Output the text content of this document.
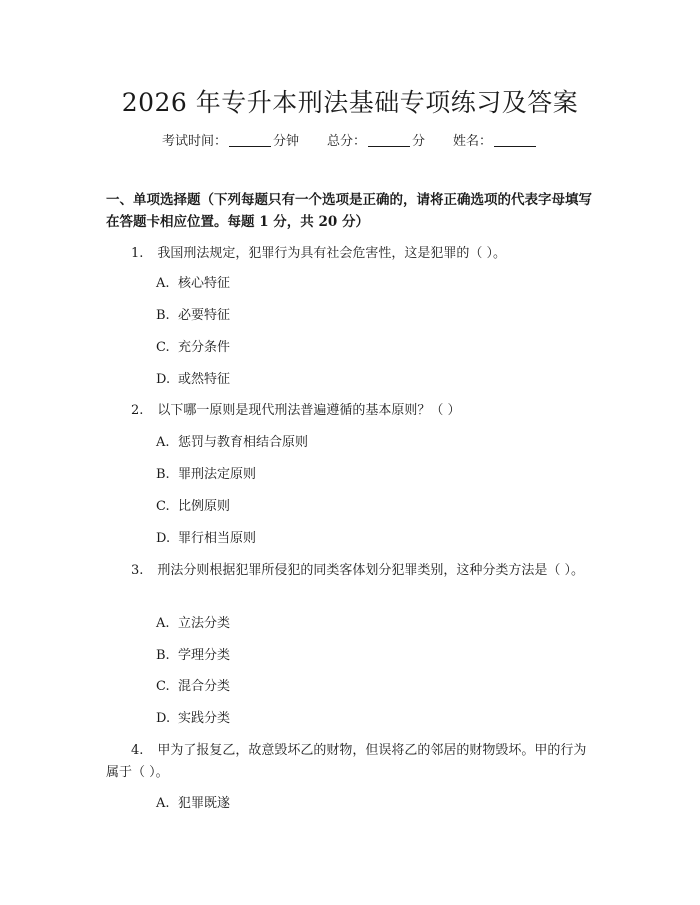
2026 年专升本刑法基础专项练习及答案
考试时间：	分钟 总分：	分 姓名：
一、单项选择题（下列每题只有一个选项是正确的，请将正确选项的代表字母填写在答题卡相应位置。每题 1 分，共 20 分）
1. 我国刑法规定，犯罪行为具有社会危害性，这是犯罪的（ ）。
A. 核心特征
B. 必要特征
C. 充分条件
D. 或然特征
2. 以下哪一原则是现代刑法普遍遵循的基本原则？（ ）
A. 惩罚与教育相结合原则
B. 罪刑法定原则
C. 比例原则
D. 罪行相当原则
3. 刑法分则根据犯罪所侵犯的同类客体划分犯罪类别，这种分类方法是（ ）。
A. 立法分类
B. 学理分类
C. 混合分类
D. 实践分类
4. 甲为了报复乙，故意毁坏乙的财物，但误将乙的邻居的财物毁坏。甲的行为属于（ ）。
A. 犯罪既遂
